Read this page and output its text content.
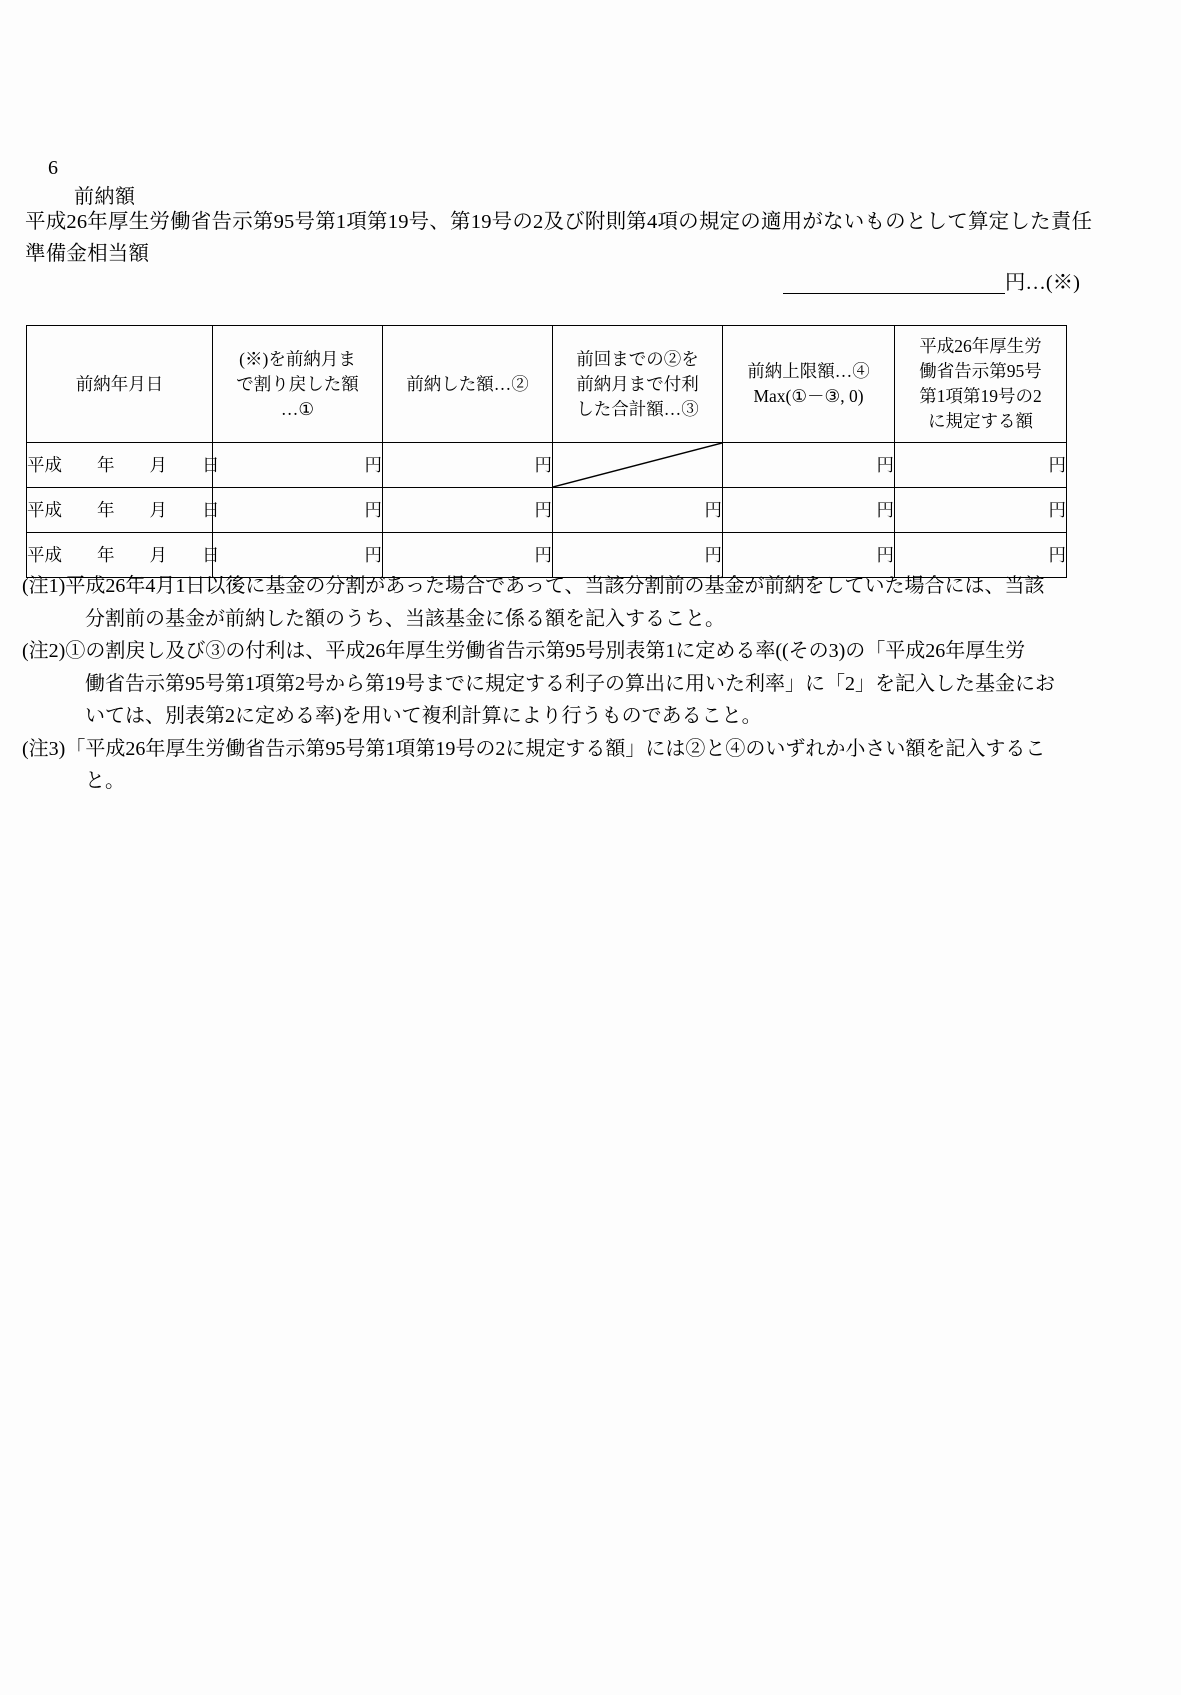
6
前納額

平成26年厚生労働省告示第95号第1項第19号、第19号の2及び附則第4項の規定の適用がないものとして算定した責任
準備金相当額
円…(※)
前納年月日	(※)を前納月ま
で割り戻した額
…①	前納した額…②	前回までの②を
前納月まで付利
した合計額…③	前納上限額…④
Max(①－③, 0)	平成26年厚生労
働省告示第95号
第1項第19号の2
に規定する額

平成　　年　　月　　日	円	円		円	円
平成　　年　　月　　日	円	円	円	円	円
平成　　年　　月　　日	円	円	円	円	円
(注1)平成26年4月1日以後に基金の分割があった場合であって、当該分割前の基金が前納をしていた場合には、当該
分割前の基金が前納した額のうち、当該基金に係る額を記入すること。
(注2)①の割戻し及び③の付利は、平成26年厚生労働省告示第95号別表第1に定める率((その3)の「平成26年厚生労
働省告示第95号第1項第2号から第19号までに規定する利子の算出に用いた利率」に「2」を記入した基金にお
いては、別表第2に定める率)を用いて複利計算により行うものであること。
(注3)「平成26年厚生労働省告示第95号第1項第19号の2に規定する額」には②と④のいずれか小さい額を記入するこ
と。
